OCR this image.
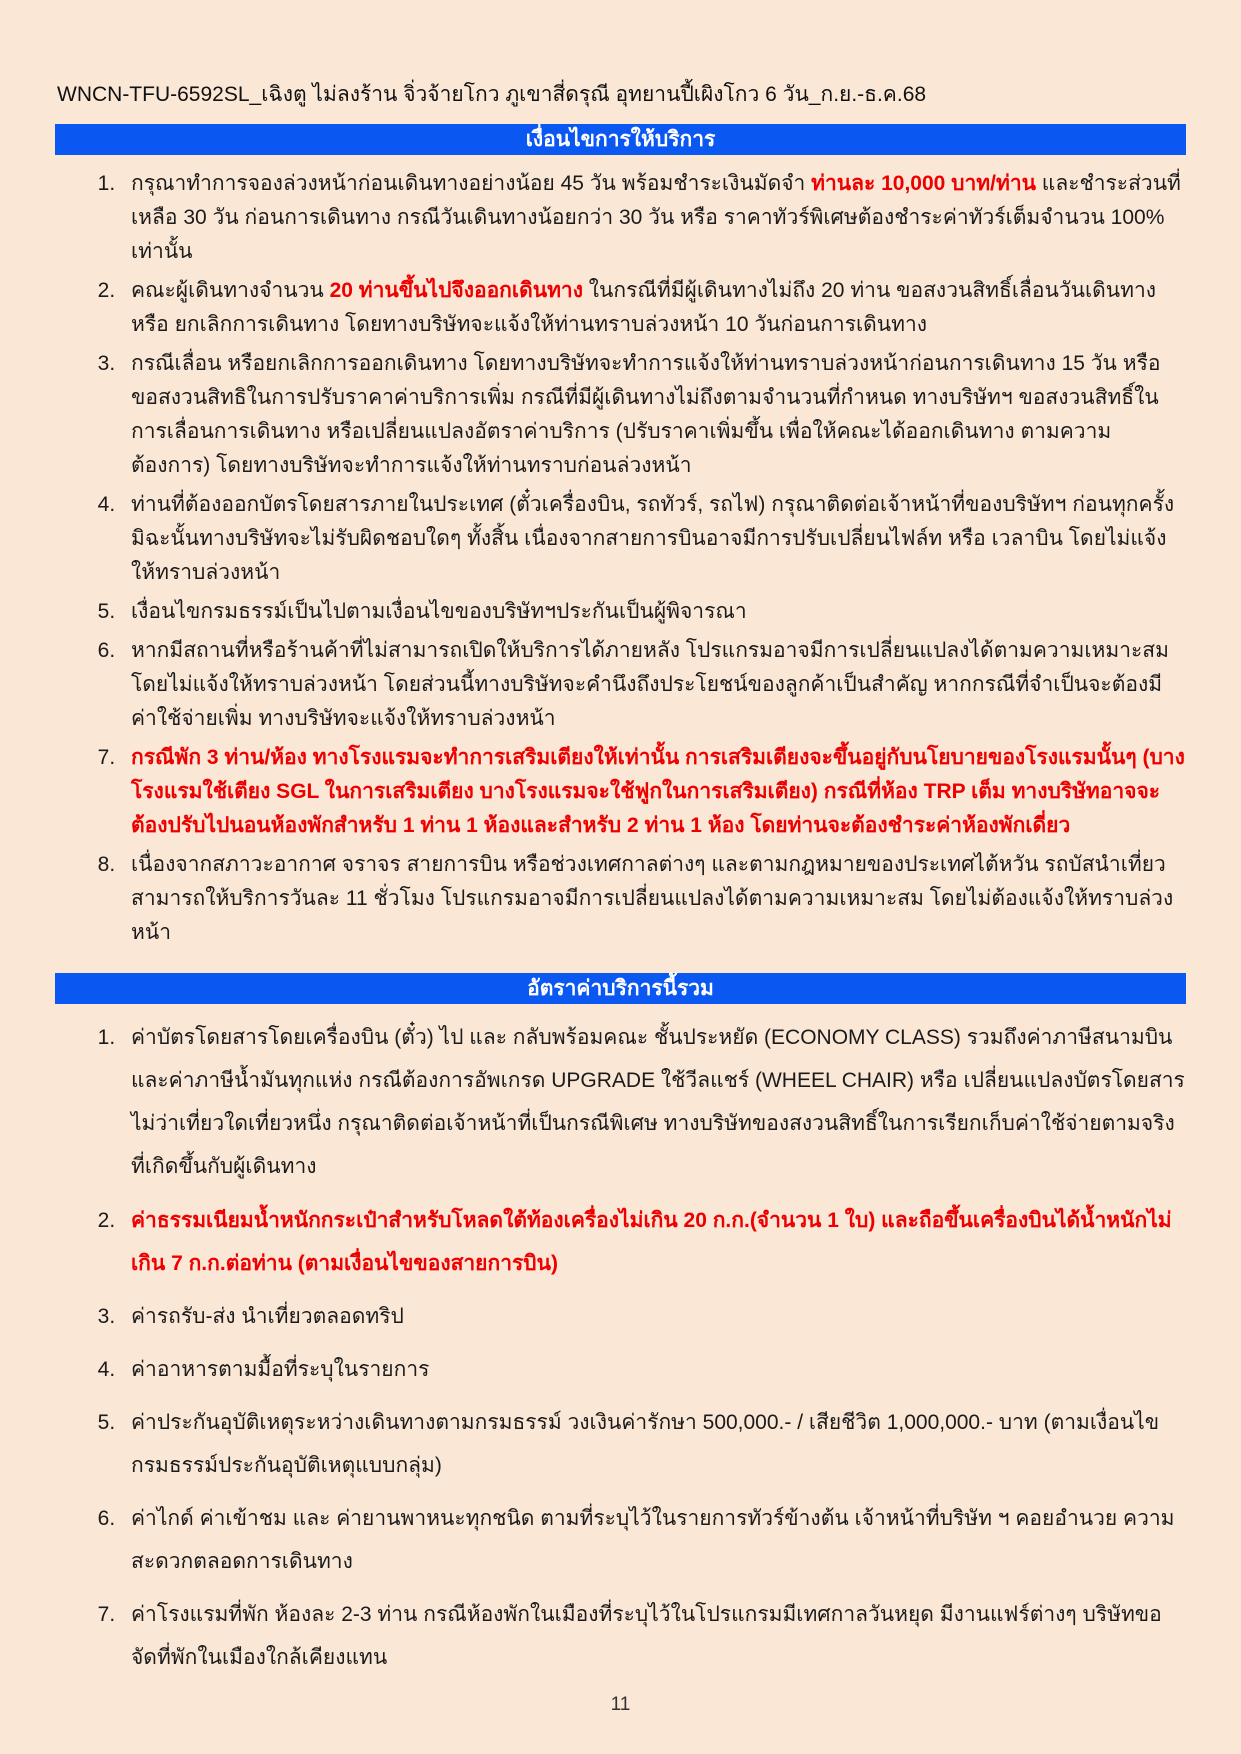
WNCN-TFU-6592SL_เฉิงตู ไม่ลงร้าน จิ่วจ้ายโกว ภูเขาสี่ดรุณี อุทยานปี้เผิงโกว 6 วัน_ก.ย.-ธ.ค.68
เงื่อนไขการให้บริการ
1. กรุณาทำการจองล่วงหน้าก่อนเดินทางอย่างน้อย 45 วัน พร้อมชำระเงินมัดจำ ท่านละ 10,000 บาท/ท่าน และชำระส่วนที่เหลือ 30 วัน ก่อนการเดินทาง กรณีวันเดินทางน้อยกว่า 30 วัน หรือ ราคาทัวร์พิเศษต้องชำระค่าทัวร์เต็มจำนวน 100% เท่านั้น
2. คณะผู้เดินทางจำนวน 20 ท่านขึ้นไปจึงออกเดินทาง ในกรณีที่มีผู้เดินทางไม่ถึง 20 ท่าน ขอสงวนสิทธิ์เลื่อนวันเดินทาง หรือ ยกเลิกการเดินทาง โดยทางบริษัทจะแจ้งให้ท่านทราบล่วงหน้า 10 วันก่อนการเดินทาง
3. กรณีเลื่อน หรือยกเลิกการออกเดินทาง โดยทางบริษัทจะทำการแจ้งให้ท่านทราบล่วงหน้าก่อนการเดินทาง 15 วัน หรือขอสงวนสิทธิในการปรับราคาค่าบริการเพิ่ม กรณีที่มีผู้เดินทางไม่ถึงตามจำนวนที่กำหนด ทางบริษัทฯ ขอสงวนสิทธิ์ในการเลื่อนการเดินทาง หรือเปลี่ยนแปลงอัตราค่าบริการ (ปรับราคาเพิ่มขึ้น เพื่อให้คณะได้ออกเดินทาง ตามความต้องการ) โดยทางบริษัทจะทำการแจ้งให้ท่านทราบก่อนล่วงหน้า
4. ท่านที่ต้องออกบัตรโดยสารภายในประเทศ (ตั๋วเครื่องบิน, รถทัวร์, รถไฟ) กรุณาติดต่อเจ้าหน้าที่ของบริษัทฯ ก่อนทุกครั้ง มิฉะนั้นทางบริษัทจะไม่รับผิดชอบใดๆ ทั้งสิ้น เนื่องจากสายการบินอาจมีการปรับเปลี่ยนไฟล์ท หรือ เวลาบิน โดยไม่แจ้งให้ทราบล่วงหน้า
5. เงื่อนไขกรมธรรม์เป็นไปตามเงื่อนไขของบริษัทฯประกันเป็นผู้พิจารณา
6. หากมีสถานที่หรือร้านค้าที่ไม่สามารถเปิดให้บริการได้ภายหลัง โปรแกรมอาจมีการเปลี่ยนแปลงได้ตามความเหมาะสม โดยไม่แจ้งให้ทราบล่วงหน้า โดยส่วนนี้ทางบริษัทจะคำนึงถึงประโยชน์ของลูกค้าเป็นสำคัญ หากกรณีที่จำเป็นจะต้องมีค่าใช้จ่ายเพิ่ม ทางบริษัทจะแจ้งให้ทราบล่วงหน้า
7. กรณีพัก 3 ท่าน/ห้อง ทางโรงแรมจะทำการเสริมเตียงให้เท่านั้น การเสริมเตียงจะขึ้นอยู่กับนโยบายของโรงแรมนั้นๆ (บางโรงแรมใช้เตียง SGL ในการเสริมเตียง บางโรงแรมจะใช้ฟูกในการเสริมเตียง) กรณีที่ห้อง TRP เต็ม ทางบริษัทอาจจะต้องปรับไปนอนห้องพักสำหรับ 1 ท่าน 1 ห้องและสำหรับ 2 ท่าน 1 ห้อง โดยท่านจะต้องชำระค่าห้องพักเดี่ยว
8. เนื่องจากสภาวะอากาศ จราจร สายการบิน หรือช่วงเทศกาลต่างๆ และตามกฎหมายของประเทศไต้หวัน รถบัสนำเที่ยวสามารถให้บริการวันละ 11 ชั่วโมง โปรแกรมอาจมีการเปลี่ยนแปลงได้ตามความเหมาะสม โดยไม่ต้องแจ้งให้ทราบล่วงหน้า
อัตราค่าบริการนี้รวม
1. ค่าบัตรโดยสารโดยเครื่องบิน (ตั๋ว) ไป และ กลับพร้อมคณะ ชั้นประหยัด (ECONOMY CLASS) รวมถึงค่าภาษีสนามบินและค่าภาษีน้ำมันทุกแห่ง กรณีต้องการอัพเกรด UPGRADE ใช้วีลแชร์ (WHEEL CHAIR) หรือ เปลี่ยนแปลงบัตรโดยสาร ไม่ว่าเที่ยวใดเที่ยวหนึ่ง กรุณาติดต่อเจ้าหน้าที่เป็นกรณีพิเศษ ทางบริษัทของสงวนสิทธิ์ในการเรียกเก็บค่าใช้จ่ายตามจริงที่เกิดขึ้นกับผู้เดินทาง
2. ค่าธรรมเนียมน้ำหนักกระเป๋าสำหรับโหลดใต้ท้องเครื่องไม่เกิน 20 ก.ก.(จำนวน 1 ใบ) และถือขึ้นเครื่องบินได้น้ำหนักไม่เกิน 7 ก.ก.ต่อท่าน (ตามเงื่อนไขของสายการบิน)
3. ค่ารถรับ-ส่ง นำเที่ยวตลอดทริป
4. ค่าอาหารตามมื้อที่ระบุในรายการ
5. ค่าประกันอุบัติเหตุระหว่างเดินทางตามกรมธรรม์ วงเงินค่ารักษา 500,000.- / เสียชีวิต 1,000,000.- บาท (ตามเงื่อนไขกรมธรรม์ประกันอุบัติเหตุแบบกลุ่ม)
6. ค่าไกด์ ค่าเข้าชม และ ค่ายานพาหนะทุกชนิด ตามที่ระบุไว้ในรายการทัวร์ข้างต้น เจ้าหน้าที่บริษัท ฯ คอยอำนวย ความสะดวกตลอดการเดินทาง
7. ค่าโรงแรมที่พัก ห้องละ 2-3 ท่าน กรณีห้องพักในเมืองที่ระบุไว้ในโปรแกรมมีเทศกาลวันหยุด มีงานแฟร์ต่างๆ บริษัทขอจัดที่พักในเมืองใกล้เคียงแทน
11
